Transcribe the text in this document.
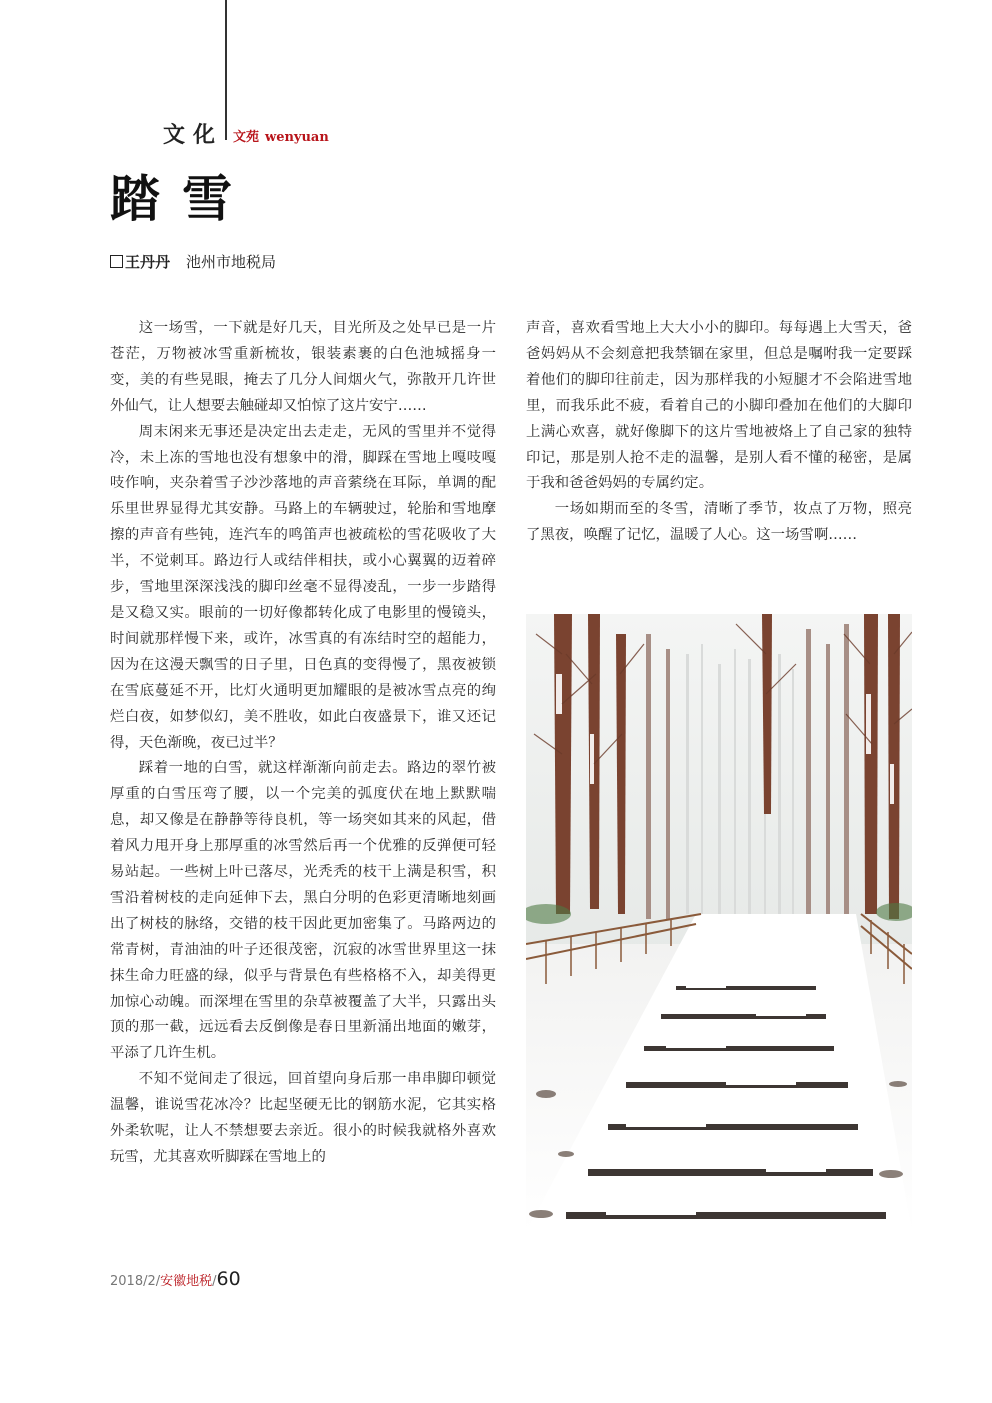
文化 文苑 wenyuan
踏雪
王丹丹 池州市地税局

这一场雪，一下就是好几天，目光所及之处早已是一片苍茫，万物被冰雪重新梳妆，银装素裹的白色池城摇身一变，美的有些晃眼，掩去了几分人间烟火气，弥散开几许世外仙气，让人想要去触碰却又怕惊了这片安宁……

周末闲来无事还是决定出去走走，无风的雪里并不觉得冷，未上冻的雪地也没有想象中的滑，脚踩在雪地上嘎吱嘎吱作响，夹杂着雪子沙沙落地的声音萦绕在耳际，单调的配乐里世界显得尤其安静。马路上的车辆驶过，轮胎和雪地摩擦的声音有些钝，连汽车的鸣笛声也被疏松的雪花吸收了大半，不觉刺耳。路边行人或结伴相扶，或小心翼翼的迈着碎步，雪地里深深浅浅的脚印丝毫不显得凌乱，一步一步踏得是又稳又实。眼前的一切好像都转化成了电影里的慢镜头，时间就那样慢下来，或许，冰雪真的有冻结时空的超能力，因为在这漫天飘雪的日子里，日色真的变得慢了，黑夜被锁在雪底蔓延不开，比灯火通明更加耀眼的是被冰雪点亮的绚烂白夜，如梦似幻，美不胜收，如此白夜盛景下，谁又还记得，天色渐晚，夜已过半？

踩着一地的白雪，就这样渐渐向前走去。路边的翠竹被厚重的白雪压弯了腰，以一个完美的弧度伏在地上默默喘息，却又像是在静静等待良机，等一场突如其来的风起，借着风力甩开身上那厚重的冰雪然后再一个优雅的反弹便可轻易站起。一些树上叶已落尽，光秃秃的枝干上满是积雪，积雪沿着树枝的走向延伸下去，黑白分明的色彩更清晰地刻画出了树枝的脉络，交错的枝干因此更加密集了。马路两边的常青树，青油油的叶子还很茂密，沉寂的冰雪世界里这一抹抹生命力旺盛的绿，似乎与背景色有些格格不入，却美得更加惊心动魄。而深埋在雪里的杂草被覆盖了大半，只露出头顶的那一截，远远看去反倒像是春日里新涌出地面的嫩芽，平添了几许生机。

不知不觉间走了很远，回首望向身后那一串串脚印顿觉温馨，谁说雪花冰冷？比起坚硬无比的钢筋水泥，它其实格外柔软呢，让人不禁想要去亲近。很小的时候我就格外喜欢玩雪，尤其喜欢听脚踩在雪地上的

声音，喜欢看雪地上大大小小的脚印。每每遇上大雪天，爸爸妈妈从不会刻意把我禁锢在家里，但总是嘱咐我一定要踩着他们的脚印往前走，因为那样我的小短腿才不会陷进雪地里，而我乐此不疲，看着自己的小脚印叠加在他们的大脚印上满心欢喜，就好像脚下的这片雪地被烙上了自己家的独特印记，那是别人抢不走的温馨，是别人看不懂的秘密，是属于我和爸爸妈妈的专属约定。

一场如期而至的冬雪，清晰了季节，妆点了万物，照亮了黑夜，唤醒了记忆，温暖了人心。这一场雪啊……

2018/2/安徽地税/60
